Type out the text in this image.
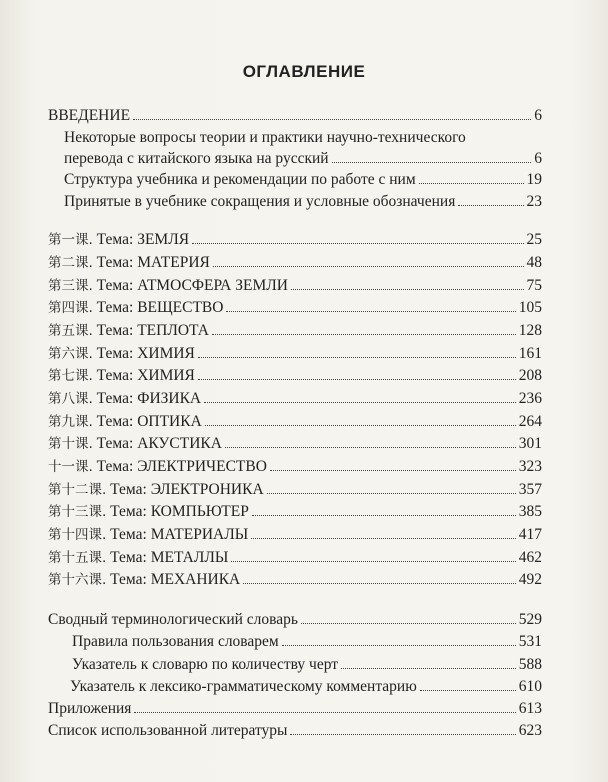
ОГЛАВЛЕНИЕ
ВВЕДЕНИЕ	6
Некоторые вопросы теории и практики научно-технического
перевода с китайского языка на русский	6
Структура учебника и рекомендации по работе с ним	19
Принятые в учебнике сокращения и условные обозначения	23
第一课. Тема: ЗЕМЛЯ	25
第二课. Тема: МАТЕРИЯ	48
第三课. Тема: АТМОСФЕРА ЗЕМЛИ	75
第四课. Тема: ВЕЩЕСТВО	105
第五课. Тема: ТЕПЛОТА	128
第六课. Тема: ХИМИЯ	161
第七课. Тема: ХИМИЯ	208
第八课. Тема: ФИЗИКА	236
第九课. Тема: ОПТИКА	264
第十课. Тема: АКУСТИКА	301
十一课. Тема: ЭЛЕКТРИЧЕСТВО	323
第十二课. Тема: ЭЛЕКТРОНИКА	357
第十三课. Тема: КОМПЬЮТЕР	385
第十四课. Тема: МАТЕРИАЛЫ	417
第十五课. Тема: МЕТАЛЛЫ	462
第十六课. Тема: МЕХАНИКА	492
Сводный терминологический словарь	529
Правила пользования словарем	531
Указатель к словарю по количеству черт	588
Указатель к лексико-грамматическому комментарию	610
Приложения	613
Список использованной литературы	623
